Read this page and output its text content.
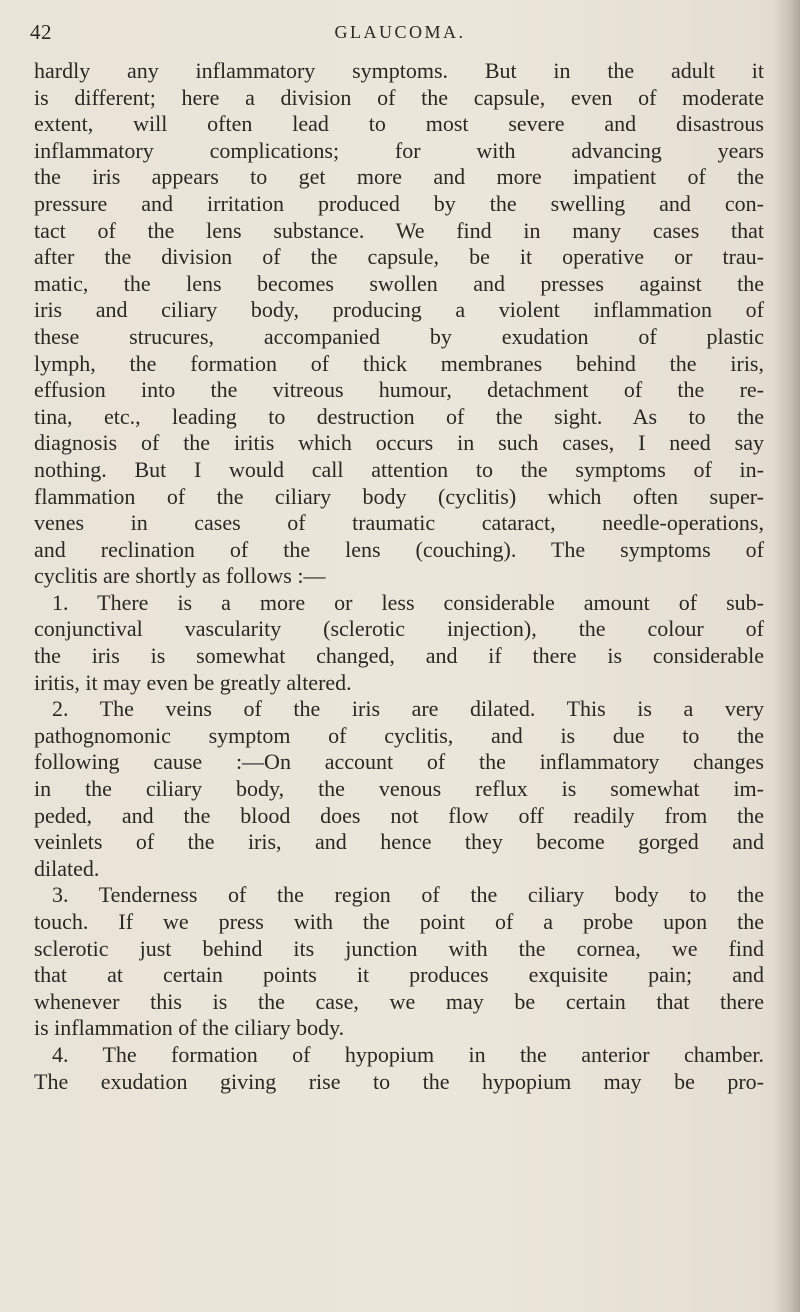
42	GLAUCOMA.
hardly any inflammatory symptoms. But in the adult it
is different; here a division of the capsule, even of moderate
extent, will often lead to most severe and disastrous
inflammatory complications; for with advancing years
the iris appears to get more and more impatient of the
pressure and irritation produced by the swelling and con-
tact of the lens substance. We find in many cases that
after the division of the capsule, be it operative or trau-
matic, the lens becomes swollen and presses against the
iris and ciliary body, producing a violent inflammation of
these strucures, accompanied by exudation of plastic
lymph, the formation of thick membranes behind the iris,
effusion into the vitreous humour, detachment of the re-
tina, etc., leading to destruction of the sight. As to the
diagnosis of the iritis which occurs in such cases, I need say
nothing. But I would call attention to the symptoms of in-
flammation of the ciliary body (cyclitis) which often super-
venes in cases of traumatic cataract, needle-operations,
and reclination of the lens (couching). The symptoms of
cyclitis are shortly as follows :—
1. There is a more or less considerable amount of sub-
conjunctival vascularity (sclerotic injection), the colour of
the iris is somewhat changed, and if there is considerable
iritis, it may even be greatly altered.
2. The veins of the iris are dilated. This is a very
pathognomonic symptom of cyclitis, and is due to the
following cause :—On account of the inflammatory changes
in the ciliary body, the venous reflux is somewhat im-
peded, and the blood does not flow off readily from the
veinlets of the iris, and hence they become gorged and
dilated.
3. Tenderness of the region of the ciliary body to the
touch. If we press with the point of a probe upon the
sclerotic just behind its junction with the cornea, we find
that at certain points it produces exquisite pain; and
whenever this is the case, we may be certain that there
is inflammation of the ciliary body.
4. The formation of hypopium in the anterior chamber.
The exudation giving rise to the hypopium may be pro-
